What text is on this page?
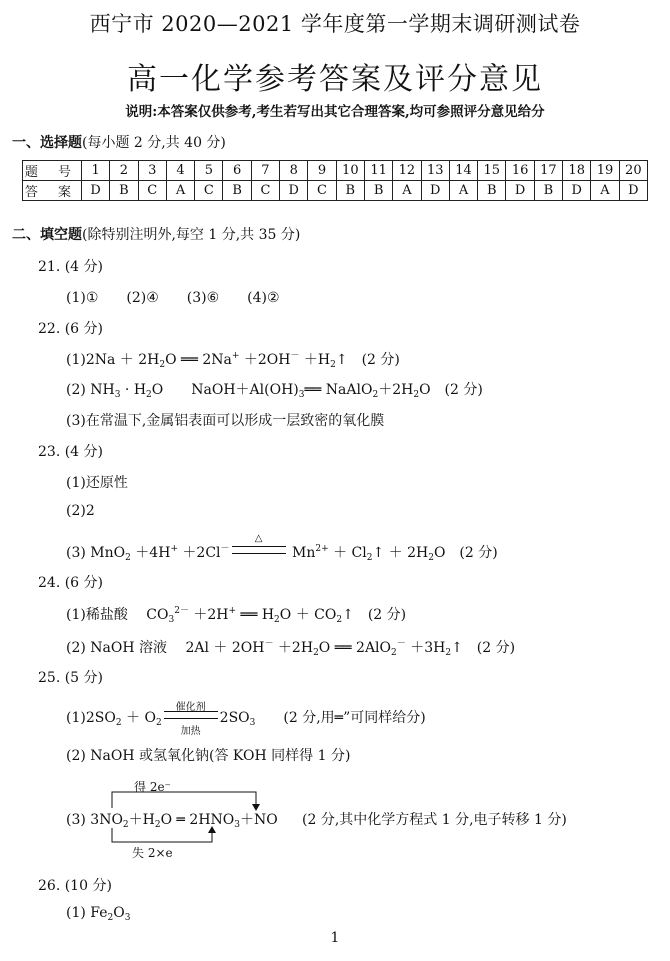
西宁市 2020—2021 学年度第一学期末调研测试卷
高一化学参考答案及评分意见
说明:本答案仅供参考,考生若写出其它合理答案,均可参照评分意见给分
一、选择题(每小题 2 分,共 40 分)
题 号	1	2	3	4	5	6	7	8	9	10	11	12	13	14	15	16	17	18	19	20
答 案	D	B	C	A	C	B	C	D	C	B	B	A	D	A	B	D	B	D	A	D
二、填空题(除特别注明外,每空 1 分,共 35 分)
21. (4 分)
(1)①　　(2)④　　(3)⑥　　(4)②
22. (6 分)
$(1)2Na + 2H_2O$ ══ $2Na^+ +2OH^- +H_2↑$　(2 分)
(2) $NH_3 \cdot H_2O$　　$NaOH+Al(OH)_3══$ $NaAlO_2+2H_2O$　(2 分)
(3)在常温下,金属铝表面可以形成一层致密的氧化膜
23. (4 分)
(1)还原性
(2)2
(3) MnO$_2$ ＋4H+ ＋2Cl－
△
$Mn^{2+}$ ＋ $Cl_2↑ + 2H_2O$　(2 分)
24. (6 分)
(1)稀盐酸　 $CO_3^{2-} +2H^+$ ══ $H_2O$ ＋ $CO_2↑$　(2 分)
(2) NaOH 溶液　 $2Al + 2OH^- +2H_2O$ ══ $2AlO_2^- +3H_2↑$　(2 分)
25. (5 分)
$(1)2SO_2 + O_2$
催化剂
加热
$2SO_3$　　(2 分,用═”可同样给分)
(2) NaOH 或氢氧化钠(答 KOH 同样得 1 分)
得 2e⁻
失 2×e
(3) $3NO_2+H_2O$ ═ $2HNO_3+NO$ (2 分,其中化学方程式 1 分,电子转移 1 分)
26. (10 分)
(1) $Fe_2O_3$
1
